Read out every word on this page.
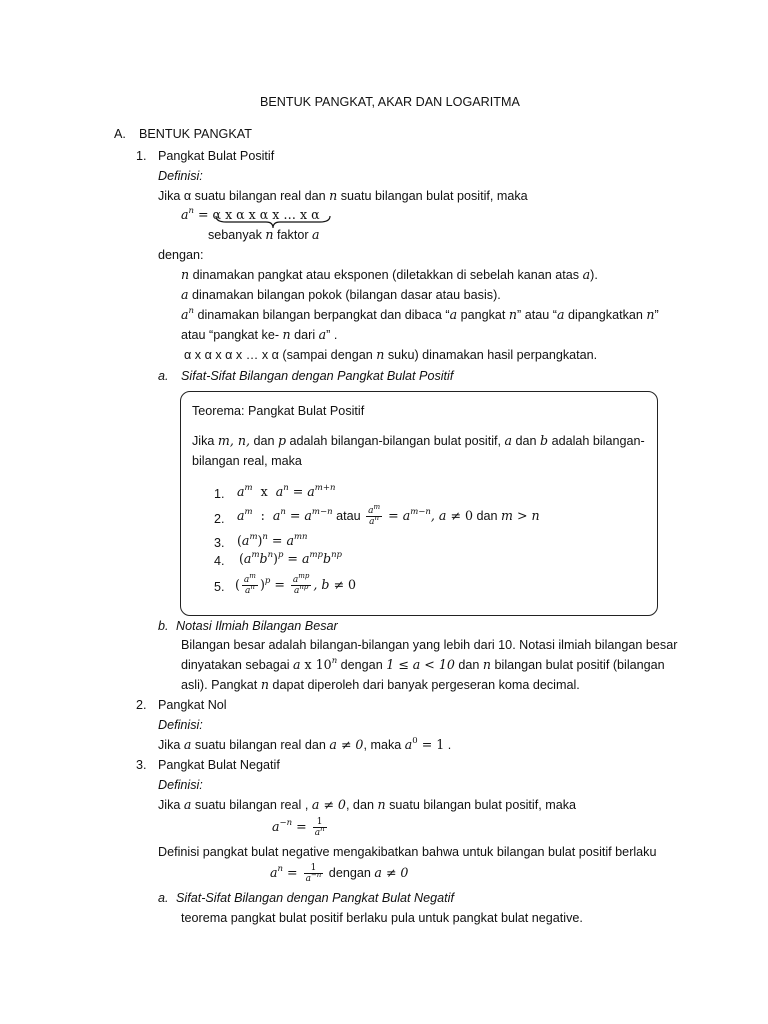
BENTUK PANGKAT, AKAR DAN LOGARITMA
A. BENTUK PANGKAT
1. Pangkat Bulat Positif
Definisi:
Jika α suatu bilangan real dan n suatu bilangan bulat positif, maka
$a^n = \alpha$ x α x α x … x α
sebanyak n faktor a
dengan:
n dinamakan pangkat atau eksponen (diletakkan di sebelah kanan atas a).
a dinamakan bilangan pokok (bilangan dasar atau basis).
$a^n$ dinamakan bilangan berpangkat dan dibaca “a pangkat n” atau “a dipangkatkan n”
atau “pangkat ke- n dari a” .
α x α x α x … x α (sampai dengan n suku) dinamakan hasil perpangkatan.
a. Sifat-Sifat Bilangan dengan Pangkat Bulat Positif
Teorema: Pangkat Bulat Positif
Jika m, n, dan p adalah bilangan-bilangan bulat positif, a dan b adalah bilangan-
bilangan real, maka
1. $a^m$  x  $a^n = a^{m+n}$
2. $a^m$  :  $a^n = a^{m-n}$ atau $\frac{a^m}{a^n} = a^{m-n}$, a ≠ 0 dan m > n
3. $(a^m)^n = a^{mn}$
4. $(a^mb^n)^p = a^{mp}b^{np}$
5. ( $\frac{a^m}{a^n} )^p = \frac{a^{mp}}{a^{np}}$ , b ≠ 0
b. Notasi Ilmiah Bilangan Besar
Bilangan besar adalah bilangan-bilangan yang lebih dari 10. Notasi ilmiah bilangan besar
dinyatakan sebagai a x 10$^n$ dengan 1 ≤ a < 10 dan n bilangan bulat positif (bilangan
asli). Pangkat n dapat diperoleh dari banyak pergeseran koma decimal.
2. Pangkat Nol
Definisi:
Jika a suatu bilangan real dan a ≠ 0, maka $a^0 = 1$ .
3. Pangkat Bulat Negatif
Definisi:
Jika a suatu bilangan real , a ≠ 0, dan n suatu bilangan bulat positif, maka
$a^{-n} = \frac{1}{a^n}$
Definisi pangkat bulat negative mengakibatkan bahwa untuk bilangan bulat positif berlaku
$a^n = \frac{1}{a^{-n}}$ dengan a ≠ 0
a. Sifat-Sifat Bilangan dengan Pangkat Bulat Negatif
teorema pangkat bulat positif berlaku pula untuk pangkat bulat negative.
